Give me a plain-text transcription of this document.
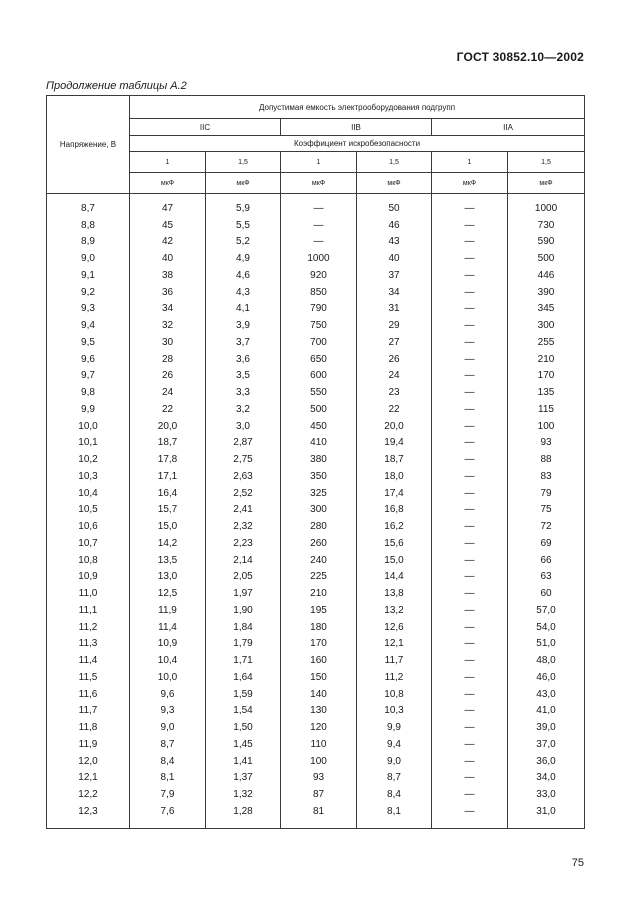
ГОСТ 30852.10—2002
Продолжение таблицы А.2
Напряжение, В	Допустимая емкость электрооборудования подгрупп					
	IIC		IIB		IIA	
	Коэффициент искробезопасности					
	1	1,5	1	1,5	1	1,5
	мкФ	мкФ	мкФ	мкФ	мкФ	мкФ
8,7	47	5,9	—	50	—	1000
8,8	45	5,5	—	46	—	730
8,9	42	5,2	—	43	—	590
9,0	40	4,9	1000	40	—	500
9,1	38	4,6	920	37	—	446
9,2	36	4,3	850	34	—	390
9,3	34	4,1	790	31	—	345
9,4	32	3,9	750	29	—	300
9,5	30	3,7	700	27	—	255
9,6	28	3,6	650	26	—	210
9,7	26	3,5	600	24	—	170
9,8	24	3,3	550	23	—	135
9,9	22	3,2	500	22	—	115
10,0	20,0	3,0	450	20,0	—	100
10,1	18,7	2,87	410	19,4	—	93
10,2	17,8	2,75	380	18,7	—	88
10,3	17,1	2,63	350	18,0	—	83
10,4	16,4	2,52	325	17,4	—	79
10,5	15,7	2,41	300	16,8	—	75
10,6	15,0	2,32	280	16,2	—	72
10,7	14,2	2,23	260	15,6	—	69
10,8	13,5	2,14	240	15,0	—	66
10,9	13,0	2,05	225	14,4	—	63
11,0	12,5	1,97	210	13,8	—	60
11,1	11,9	1,90	195	13,2	—	57,0
11,2	11,4	1,84	180	12,6	—	54,0
11,3	10,9	1,79	170	12,1	—	51,0
11,4	10,4	1,71	160	11,7	—	48,0
11,5	10,0	1,64	150	11,2	—	46,0
11,6	9,6	1,59	140	10,8	—	43,0
11,7	9,3	1,54	130	10,3	—	41,0
11,8	9,0	1,50	120	9,9	—	39,0
11,9	8,7	1,45	110	9,4	—	37,0
12,0	8,4	1,41	100	9,0	—	36,0
12,1	8,1	1,37	93	8,7	—	34,0
12,2	7,9	1,32	87	8,4	—	33,0
12,3	7,6	1,28	81	8,1	—	31,0
75
